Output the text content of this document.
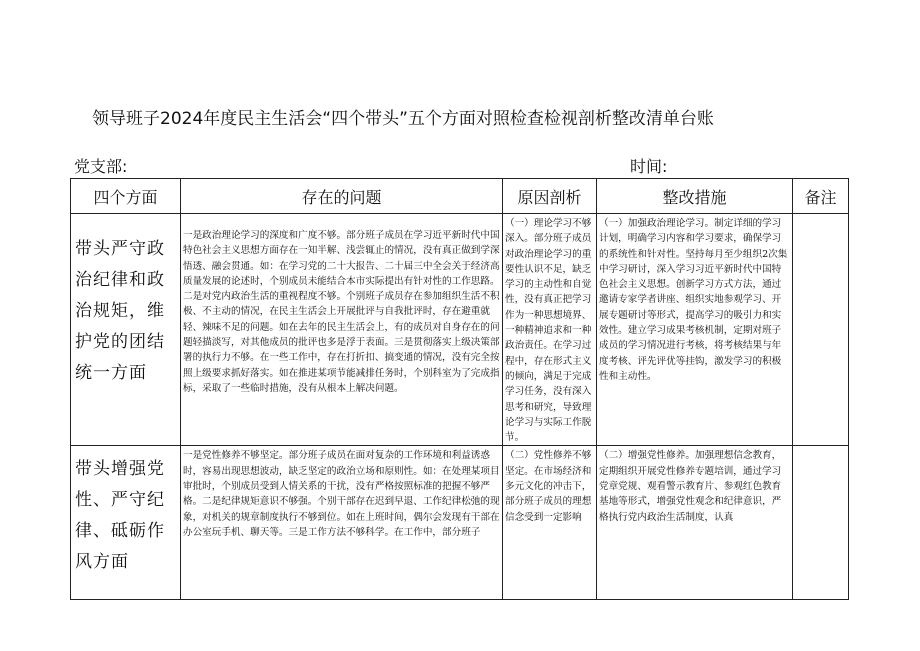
领导班子2024年度民主生活会“四个带头”五个方面对照检查检视剖析整改清单台账
党支部:	时间:
四个方面	存在的问题	原因剖析	整改措施	备注
带头严守政治纪律和政治规矩，维护党的团结统一方面	一是政治理论学习的深度和广度不够。部分班子成员在学习近平新时代中国特色社会主义思想方面存在一知半解、浅尝辄止的情况，没有真正做到学深悟透、融会贯通。如：在学习党的二十大报告、二十届三中全会关于经济高质量发展的论述时，个别成员未能结合本市实际提出有针对性的工作思路。二是对党内政治生活的重视程度不够。个别班子成员存在参加组织生活不积极、不主动的情况，在民主生活会上开展批评与自我批评时，存在避重就轻、辣味不足的问题。如在去年的民主生活会上，有的成员对自身存在的问题轻描淡写，对其他成员的批评也多是浮于表面。三是贯彻落实上级决策部署的执行力不够。在一些工作中，存在打折扣、搞变通的情况，没有完全按照上级要求抓好落实。如在推进某项节能减排任务时，个别科室为了完成指标，采取了一些临时措施，没有从根本上解决问题。	（一）理论学习不够深入。部分班子成员对政治理论学习的重要性认识不足，缺乏学习的主动性和自觉性，没有真正把学习作为一种思想境界、一种精神追求和一种政治责任。在学习过程中，存在形式主义的倾向，满足于完成学习任务，没有深入思考和研究，导致理论学习与实际工作脱节。	（一）加强政治理论学习。制定详细的学习计划，明确学习内容和学习要求，确保学习的系统性和针对性。坚持每月至少组织2次集中学习研讨，深入学习习近平新时代中国特色社会主义思想。创新学习方式方法，通过邀请专家学者讲座、组织实地参观学习、开展专题研讨等形式，提高学习的吸引力和实效性。建立学习成果考核机制，定期对班子成员的学习情况进行考核，将考核结果与年度考核、评先评优等挂钩，激发学习的积极性和主动性。	
带头增强党性、严守纪律、砥砺作风方面	一是党性修养不够坚定。部分班子成员在面对复杂的工作环境和利益诱惑时，容易出现思想波动，缺乏坚定的政治立场和原则性。如：在处理某项目审批时，个别成员受到人情关系的干扰，没有严格按照标准的把握不够严格。二是纪律规矩意识不够强。个别干部存在迟到早退、工作纪律松弛的现象，对机关的规章制度执行不够到位。如在上班时间，偶尔会发现有干部在办公室玩手机、聊天等。三是工作方法不够科学。在工作中，部分班子	（二）党性修养不够坚定。在市场经济和多元文化的冲击下，部分班子成员的理想信念受到一定影响	（二）增强党性修养。加强理想信念教育，定期组织开展党性修养专题培训，通过学习党章党规、观看警示教育片、参观红色教育基地等形式，增强党性观念和纪律意识，严格执行党内政治生活制度，认真	
